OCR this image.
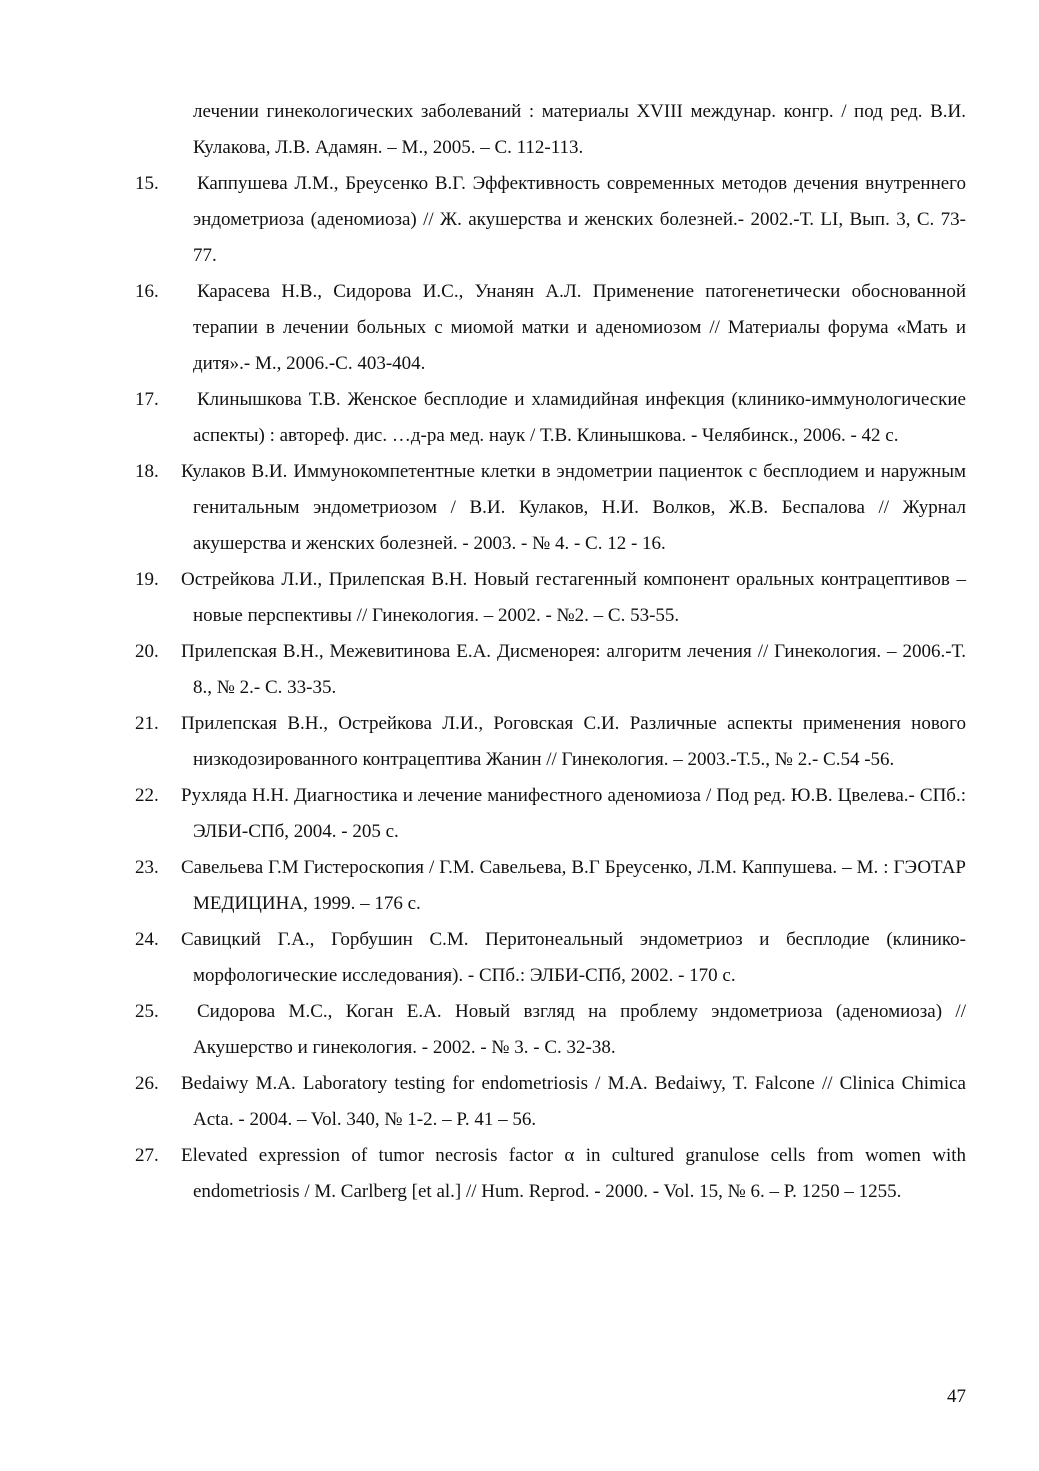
лечении гинекологических заболеваний : материалы XVIII междунар. конгр. / под ред. В.И. Кулакова, Л.В. Адамян. – М., 2005. – С. 112-113.
15. Каппушева Л.М., Бреусенко В.Г. Эффективность современных методов дечения внутреннего эндометриоза (аденомиоза) // Ж. акушерства и женских болезней.- 2002.-Т. LI, Вып. 3, С. 73-77.
16. Карасева Н.В., Сидорова И.С., Унанян А.Л. Применение патогенетически обоснованной терапии в лечении больных с миомой матки и аденомиозом // Материалы форума «Мать и дитя».- М., 2006.-С. 403-404.
17. Клинышкова Т.В. Женское бесплодие и хламидийная инфекция (клинико-иммунологические аспекты) : автореф. дис. …д-ра мед. наук / Т.В. Клинышкова. - Челябинск., 2006. - 42 с.
18. Кулаков В.И. Иммунокомпетентные клетки в эндометрии пациенток с бесплодием и наружным генитальным эндометриозом / В.И. Кулаков, Н.И. Волков, Ж.В. Беспалова // Журнал акушерства и женских болезней. - 2003. - № 4. - С. 12 - 16.
19. Острейкова Л.И., Прилепская В.Н. Новый гестагенный компонент оральных контрацептивов – новые перспективы // Гинекология. – 2002. - №2. – С. 53-55.
20. Прилепская В.Н., Межевитинова Е.А. Дисменорея: алгоритм лечения // Гинекология. – 2006.-Т. 8., № 2.- С. 33-35.
21. Прилепская В.Н., Острейкова Л.И., Роговская С.И. Различные аспекты применения нового низкодозированного контрацептива Жанин // Гинекология. – 2003.-Т.5., № 2.- С.54 -56.
22. Рухляда Н.Н. Диагностика и лечение манифестного аденомиоза / Под ред. Ю.В. Цвелева.- СПб.: ЭЛБИ-СПб, 2004. - 205 с.
23. Савельева Г.М Гистероскопия / Г.М. Савельева, В.Г Бреусенко, Л.М. Каппушева. – М. : ГЭОТАР МЕДИЦИНА, 1999. – 176 с.
24. Савицкий Г.А., Горбушин С.М. Перитонеальный эндометриоз и бесплодие (клинико-морфологические исследования). - СПб.: ЭЛБИ-СПб, 2002. - 170 с.
25. Сидорова М.С., Коган Е.А. Новый взгляд на проблему эндометриоза (аденомиоза) // Акушерство и гинекология. - 2002. - № 3. - С. 32-38.
26. Bedaiwy M.A. Laboratory testing for endometriosis / M.A. Bedaiwy, T. Falcone // Clinica Chimica Acta. - 2004. – Vol. 340, № 1-2. – P. 41 – 56.
27. Elevated expression of tumor necrosis factor α in cultured granulose cells from women with endometriosis / M. Carlberg [et al.] // Hum. Reprod. - 2000. - Vol. 15, № 6. – P. 1250 – 1255.
47
